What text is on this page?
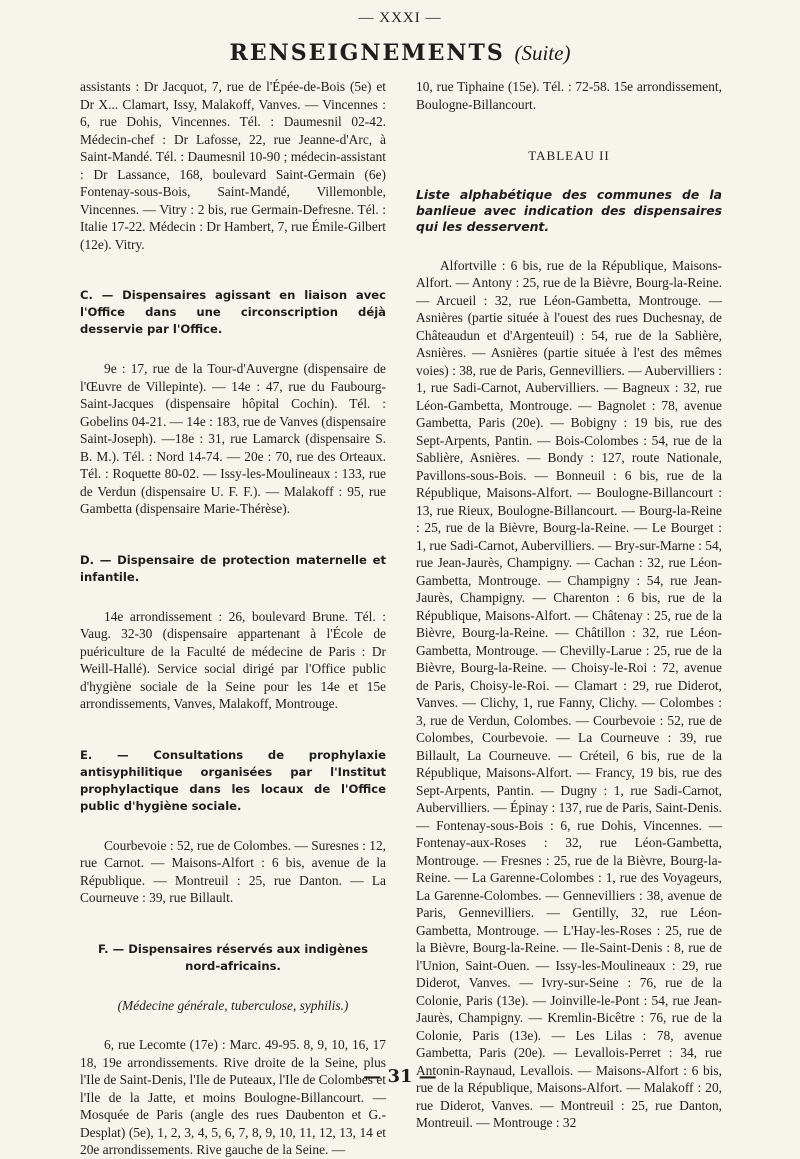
— XXXI —
RENSEIGNEMENTS (Suite)

assistants : Dr Jacquot, 7, rue de l'Épée-de-Bois (5e) et Dr X... Clamart, Issy, Malakoff, Vanves. — Vincennes : 6, rue Dohis, Vincennes. Tél. : Daumesnil 02-42. Médecin-chef : Dr Lafosse, 22, rue Jeanne-d'Arc, à Saint-Mandé. Tél. : Daumesnil 10-90 ; médecin-assistant : Dr Lassance, 168, boulevard Saint-Germain (6e) Fontenay-sous-Bois, Saint-Mandé, Villemonble, Vincennes. — Vitry : 2 bis, rue Germain-Defresne. Tél. : Italie 17-22. Médecin : Dr Hambert, 7, rue Émile-Gilbert (12e). Vitry.

C. — Dispensaires agissant en liaison avec l'Office dans une circonscription déjà desservie par l'Office.

9e : 17, rue de la Tour-d'Auvergne (dispensaire de l'Œuvre de Villepinte). — 14e : 47, rue du Faubourg-Saint-Jacques (dispensaire hôpital Cochin). Tél. : Gobelins 04-21. — 14e : 183, rue de Vanves (dispensaire Saint-Joseph). —18e : 31, rue Lamarck (dispensaire S. B. M.). Tél. : Nord 14-74. — 20e : 70, rue des Orteaux. Tél. : Roquette 80-02. — Issy-les-Moulineaux : 133, rue de Verdun (dispensaire U. F. F.). — Malakoff : 95, rue Gambetta (dispensaire Marie-Thérèse).

D. — Dispensaire de protection maternelle et infantile.

14e arrondissement : 26, boulevard Brune. Tél. : Vaug. 32-30 (dispensaire appartenant à l'École de puériculture de la Faculté de médecine de Paris : Dr Weill-Hallé). Service social dirigé par l'Office public d'hygiène sociale de la Seine pour les 14e et 15e arrondissements, Vanves, Malakoff, Montrouge.

E. — Consultations de prophylaxie antisyphilitique organisées par l'Institut prophylactique dans les locaux de l'Office public d'hygiène sociale.

Courbevoie : 52, rue de Colombes. — Suresnes : 12, rue Carnot. — Maisons-Alfort : 6 bis, avenue de la République. — Montreuil : 25, rue Danton. — La Courneuve : 39, rue Billault.

F. — Dispensaires réservés aux indigènes nord-africains.

(Médecine générale, tuberculose, syphilis.)

6, rue Lecomte (17e) : Marc. 49-95. 8, 9, 10, 16, 17 18, 19e arrondissements. Rive droite de la Seine, plus l'Ile de Saint-Denis, l'Ile de Puteaux, l'Ile de Colombes et l'Ile de la Jatte, et moins Boulogne-Billancourt. — Mosquée de Paris (angle des rues Daubenton et G.-Desplat) (5e), 1, 2, 3, 4, 5, 6, 7, 8, 9, 10, 11, 12, 13, 14 et 20e arrondissements. Rive gauche de la Seine. —

10, rue Tiphaine (15e). Tél. : 72-58. 15e arrondissement, Boulogne-Billancourt.

TABLEAU II

Liste alphabétique des communes de la banlieue avec indication des dispensaires qui les desservent.

Alfortville : 6 bis, rue de la République, Maisons-Alfort. — Antony : 25, rue de la Bièvre, Bourg-la-Reine. — Arcueil : 32, rue Léon-Gambetta, Montrouge. — Asnières (partie située à l'ouest des rues Duchesnay, de Châteaudun et d'Argenteuil) : 54, rue de la Sablière, Asnières. — Asnières (partie située à l'est des mêmes voies) : 38, rue de Paris, Gennevilliers. — Aubervilliers : 1, rue Sadi-Carnot, Aubervilliers. — Bagneux : 32, rue Léon-Gambetta, Montrouge. — Bagnolet : 78, avenue Gambetta, Paris (20e). — Bobigny : 19 bis, rue des Sept-Arpents, Pantin. — Bois-Colombes : 54, rue de la Sablière, Asnières. — Bondy : 127, route Nationale, Pavillons-sous-Bois. — Bonneuil : 6 bis, rue de la République, Maisons-Alfort. — Boulogne-Billancourt : 13, rue Rieux, Boulogne-Billancourt. — Bourg-la-Reine : 25, rue de la Bièvre, Bourg-la-Reine. — Le Bourget : 1, rue Sadi-Carnot, Aubervilliers. — Bry-sur-Marne : 54, rue Jean-Jaurès, Champigny. — Cachan : 32, rue Léon-Gambetta, Montrouge. — Champigny : 54, rue Jean-Jaurès, Champigny. — Charenton : 6 bis, rue de la République, Maisons-Alfort. — Châtenay : 25, rue de la Bièvre, Bourg-la-Reine. — Châtillon : 32, rue Léon-Gambetta, Montrouge. — Chevilly-Larue : 25, rue de la Bièvre, Bourg-la-Reine. — Choisy-le-Roi : 72, avenue de Paris, Choisy-le-Roi. — Clamart : 29, rue Diderot, Vanves. — Clichy, 1, rue Fanny, Clichy. — Colombes : 3, rue de Verdun, Colombes. — Courbevoie : 52, rue de Colombes, Courbevoie. — La Courneuve : 39, rue Billault, La Courneuve. — Créteil, 6 bis, rue de la République, Maisons-Alfort. — Francy, 19 bis, rue des Sept-Arpents, Pantin. — Dugny : 1, rue Sadi-Carnot, Aubervilliers. — Épinay : 137, rue de Paris, Saint-Denis. — Fontenay-sous-Bois : 6, rue Dohis, Vincennes. — Fontenay-aux-Roses : 32, rue Léon-Gambetta, Montrouge. — Fresnes : 25, rue de la Bièvre, Bourg-la-Reine. — La Garenne-Colombes : 1, rue des Voyageurs, La Garenne-Colombes. — Gennevilliers : 38, avenue de Paris, Gennevilliers. — Gentilly, 32, rue Léon-Gambetta, Montrouge. — L'Hay-les-Roses : 25, rue de la Bièvre, Bourg-la-Reine. — Ile-Saint-Denis : 8, rue de l'Union, Saint-Ouen. — Issy-les-Moulineaux : 29, rue Diderot, Vanves. — Ivry-sur-Seine : 76, rue de la Colonie, Paris (13e). — Joinville-le-Pont : 54, rue Jean-Jaurès, Champigny. — Kremlin-Bicêtre : 76, rue de la Colonie, Paris (13e). — Les Lilas : 78, avenue Gambetta, Paris (20e). — Levallois-Perret : 34, rue Antonin-Raynaud, Levallois. — Maisons-Alfort : 6 bis, rue de la République, Maisons-Alfort. — Malakoff : 20, rue Diderot, Vanves. — Montreuil : 25, rue Danton, Montreuil. — Montrouge : 32

— 31 —
